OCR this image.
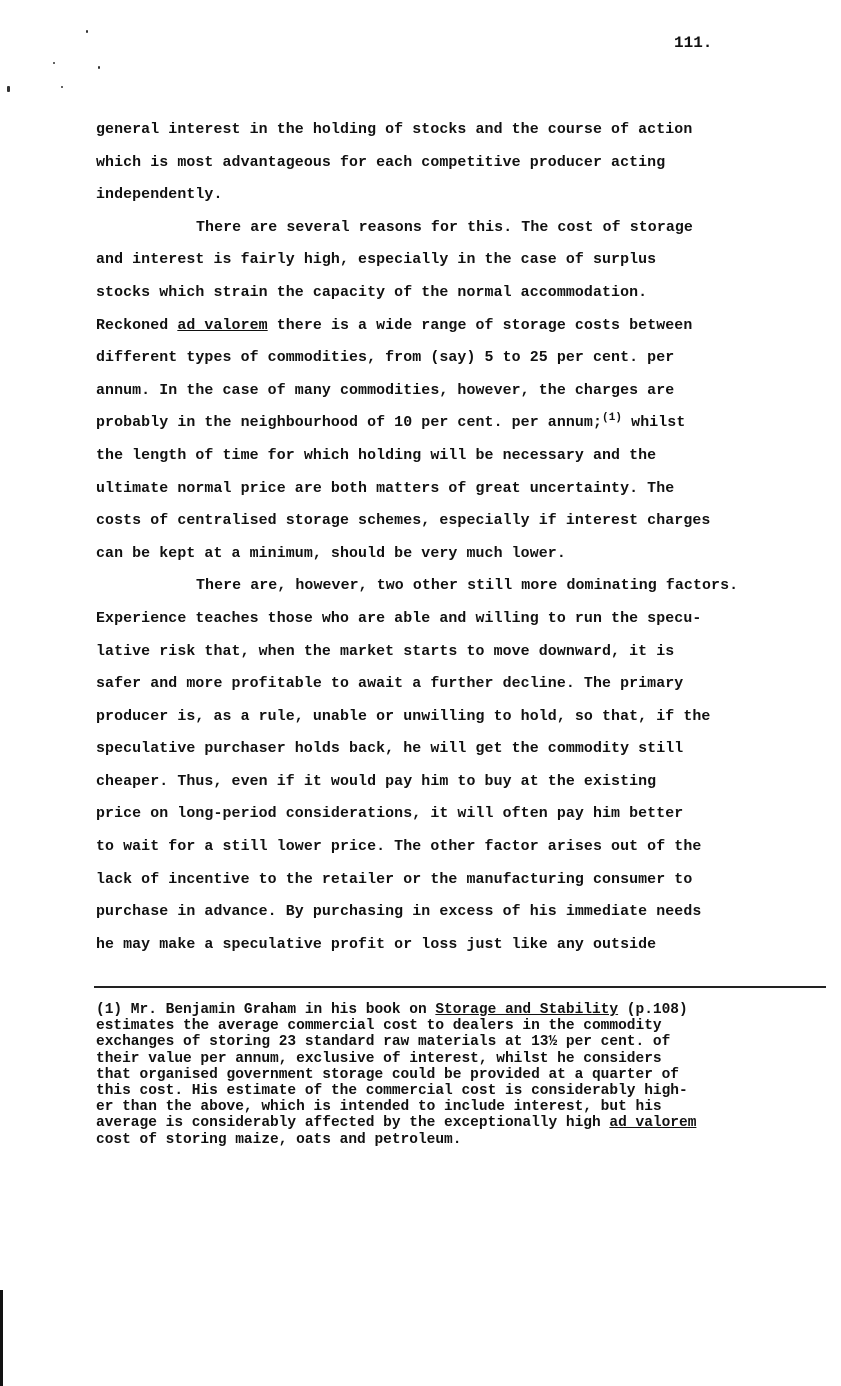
111.
general interest in the holding of stocks and the course of action
which is most advantageous for each competitive producer acting
independently.
There are several reasons for this. The cost of storage
and interest is fairly high, especially in the case of surplus
stocks which strain the capacity of the normal accommodation.
Reckoned ad valorem there is a wide range of storage costs between
different types of commodities, from (say) 5 to 25 per cent. per
annum. In the case of many commodities, however, the charges are
probably in the neighbourhood of 10 per cent. per annum;$^{(1)}$ whilst
the length of time for which holding will be necessary and the
ultimate normal price are both matters of great uncertainty. The
costs of centralised storage schemes, especially if interest charges
can be kept at a minimum, should be very much lower.
There are, however, two other still more dominating factors.
Experience teaches those who are able and willing to run the specu-
lative risk that, when the market starts to move downward, it is
safer and more profitable to await a further decline. The primary
producer is, as a rule, unable or unwilling to hold, so that, if the
speculative purchaser holds back, he will get the commodity still
cheaper. Thus, even if it would pay him to buy at the existing
price on long-period considerations, it will often pay him better
to wait for a still lower price. The other factor arises out of the
lack of incentive to the retailer or the manufacturing consumer to
purchase in advance. By purchasing in excess of his immediate needs
he may make a speculative profit or loss just like any outside
(1) Mr. Benjamin Graham in his book on Storage and Stability (p.108)
estimates the average commercial cost to dealers in the commodity
exchanges of storing 23 standard raw materials at 13½ per cent. of
their value per annum, exclusive of interest, whilst he considers
that organised government storage could be provided at a quarter of
this cost. His estimate of the commercial cost is considerably high-
er than the above, which is intended to include interest, but his
average is considerably affected by the exceptionally high ad valorem
cost of storing maize, oats and petroleum.
